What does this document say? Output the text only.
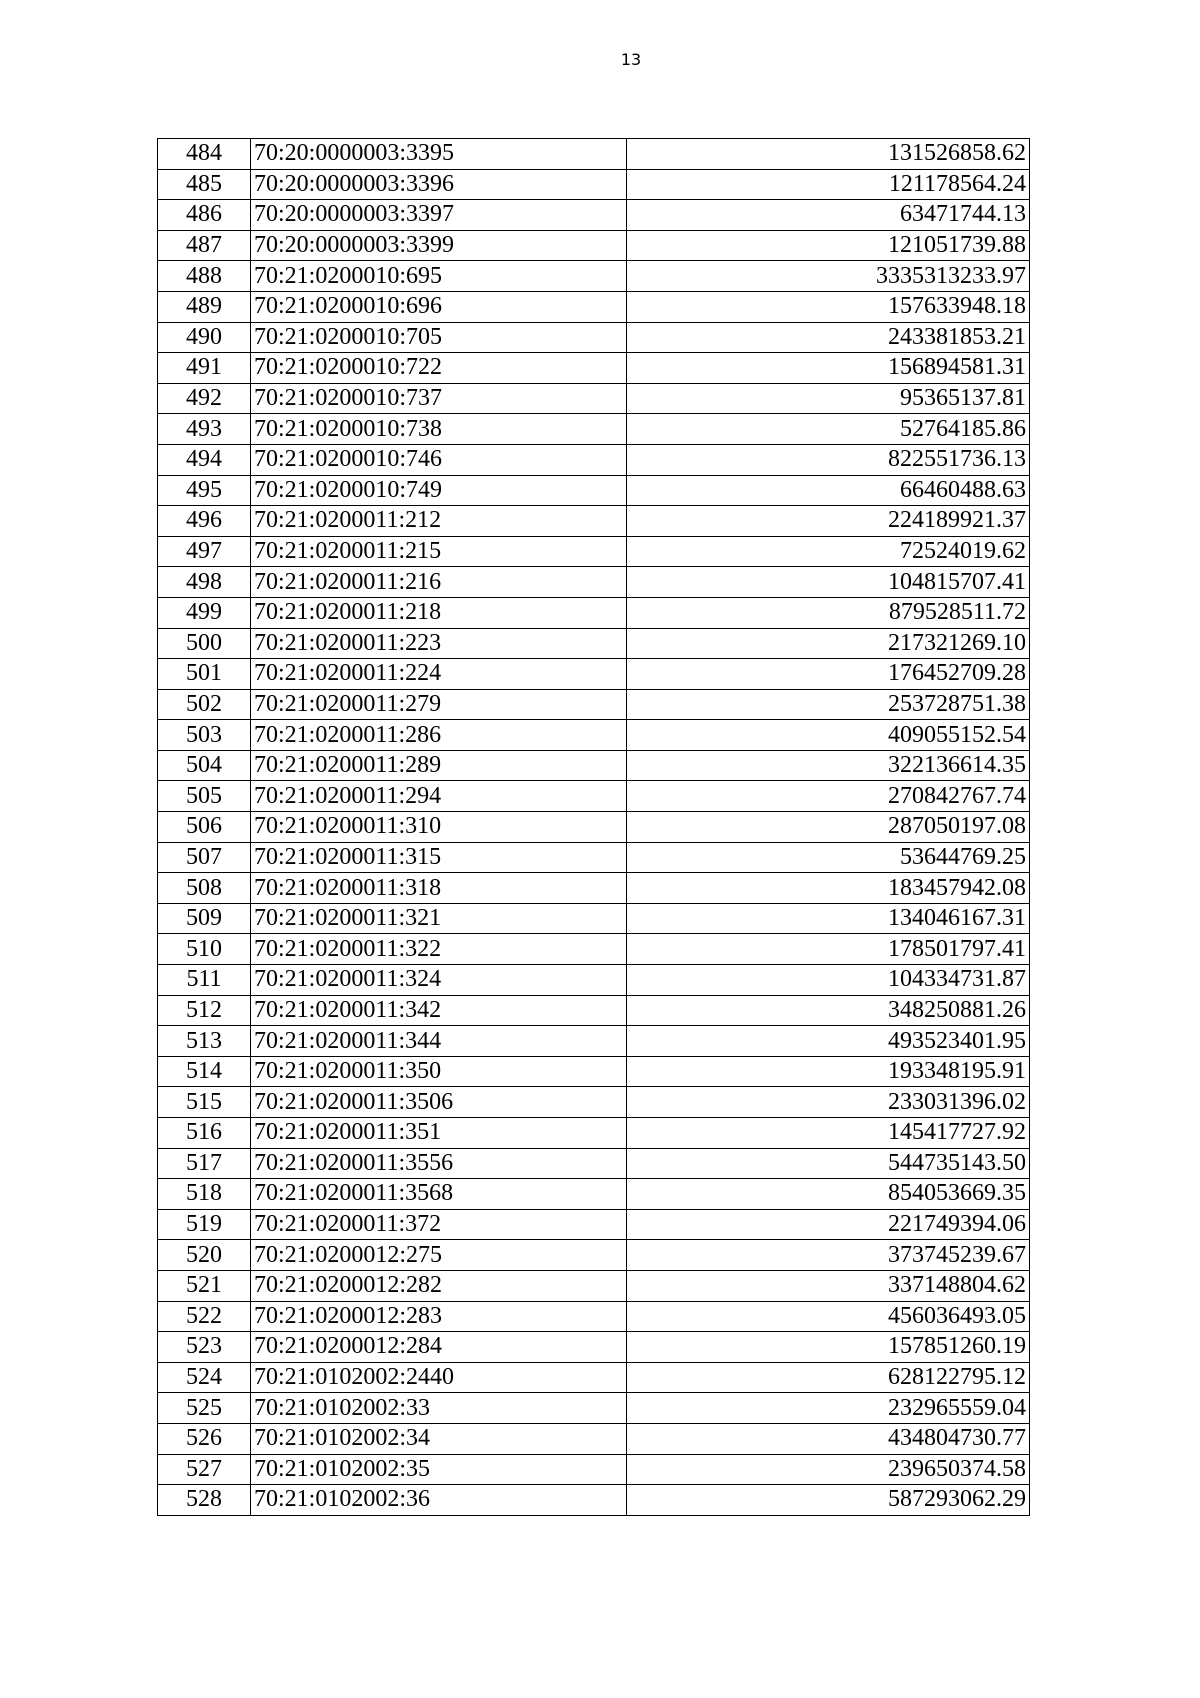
13
484	70:20:0000003:3395	131526858.62
485	70:20:0000003:3396	121178564.24
486	70:20:0000003:3397	63471744.13
487	70:20:0000003:3399	121051739.88
488	70:21:0200010:695	3335313233.97
489	70:21:0200010:696	157633948.18
490	70:21:0200010:705	243381853.21
491	70:21:0200010:722	156894581.31
492	70:21:0200010:737	95365137.81
493	70:21:0200010:738	52764185.86
494	70:21:0200010:746	822551736.13
495	70:21:0200010:749	66460488.63
496	70:21:0200011:212	224189921.37
497	70:21:0200011:215	72524019.62
498	70:21:0200011:216	104815707.41
499	70:21:0200011:218	879528511.72
500	70:21:0200011:223	217321269.10
501	70:21:0200011:224	176452709.28
502	70:21:0200011:279	253728751.38
503	70:21:0200011:286	409055152.54
504	70:21:0200011:289	322136614.35
505	70:21:0200011:294	270842767.74
506	70:21:0200011:310	287050197.08
507	70:21:0200011:315	53644769.25
508	70:21:0200011:318	183457942.08
509	70:21:0200011:321	134046167.31
510	70:21:0200011:322	178501797.41
511	70:21:0200011:324	104334731.87
512	70:21:0200011:342	348250881.26
513	70:21:0200011:344	493523401.95
514	70:21:0200011:350	193348195.91
515	70:21:0200011:3506	233031396.02
516	70:21:0200011:351	145417727.92
517	70:21:0200011:3556	544735143.50
518	70:21:0200011:3568	854053669.35
519	70:21:0200011:372	221749394.06
520	70:21:0200012:275	373745239.67
521	70:21:0200012:282	337148804.62
522	70:21:0200012:283	456036493.05
523	70:21:0200012:284	157851260.19
524	70:21:0102002:2440	628122795.12
525	70:21:0102002:33	232965559.04
526	70:21:0102002:34	434804730.77
527	70:21:0102002:35	239650374.58
528	70:21:0102002:36	587293062.29
